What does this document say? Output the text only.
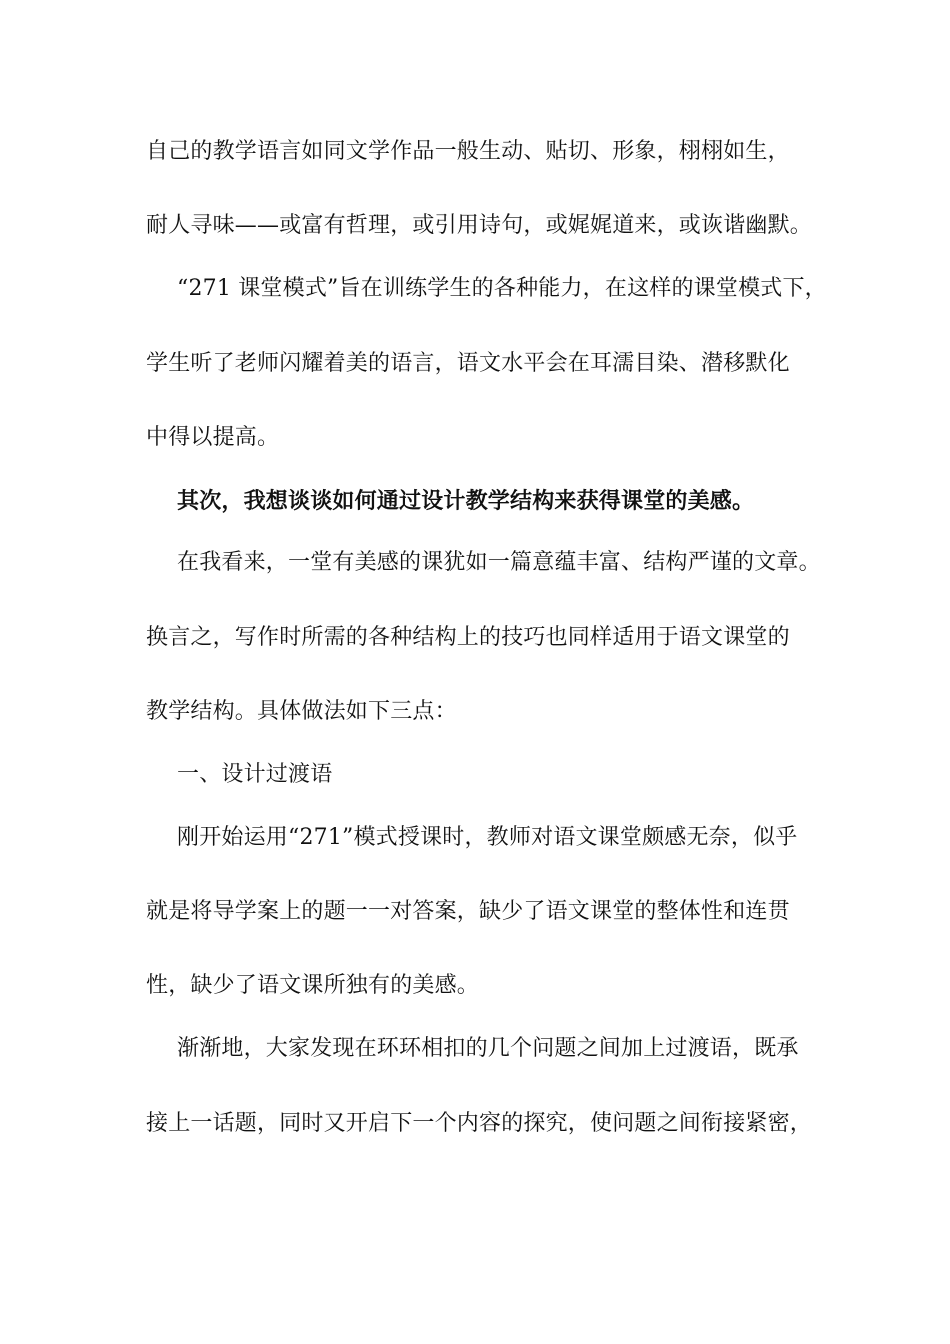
自己的教学语言如同文学作品一般生动、贴切、形象，栩栩如生，
耐人寻味——或富有哲理，或引用诗句，或娓娓道来，或诙谐幽默。
“271 课堂模式”旨在训练学生的各种能力，在这样的课堂模式下，
学生听了老师闪耀着美的语言，语文水平会在耳濡目染、潜移默化
中得以提高。
其次，我想谈谈如何通过设计教学结构来获得课堂的美感。
在我看来，一堂有美感的课犹如一篇意蕴丰富、结构严谨的文章。
换言之，写作时所需的各种结构上的技巧也同样适用于语文课堂的
教学结构。具体做法如下三点：
一、设计过渡语
刚开始运用“271”模式授课时，教师对语文课堂颇感无奈，似乎
就是将导学案上的题一一对答案，缺少了语文课堂的整体性和连贯
性，缺少了语文课所独有的美感。
渐渐地，大家发现在环环相扣的几个问题之间加上过渡语，既承
接上一话题，同时又开启下一个内容的探究，使问题之间衔接紧密，
